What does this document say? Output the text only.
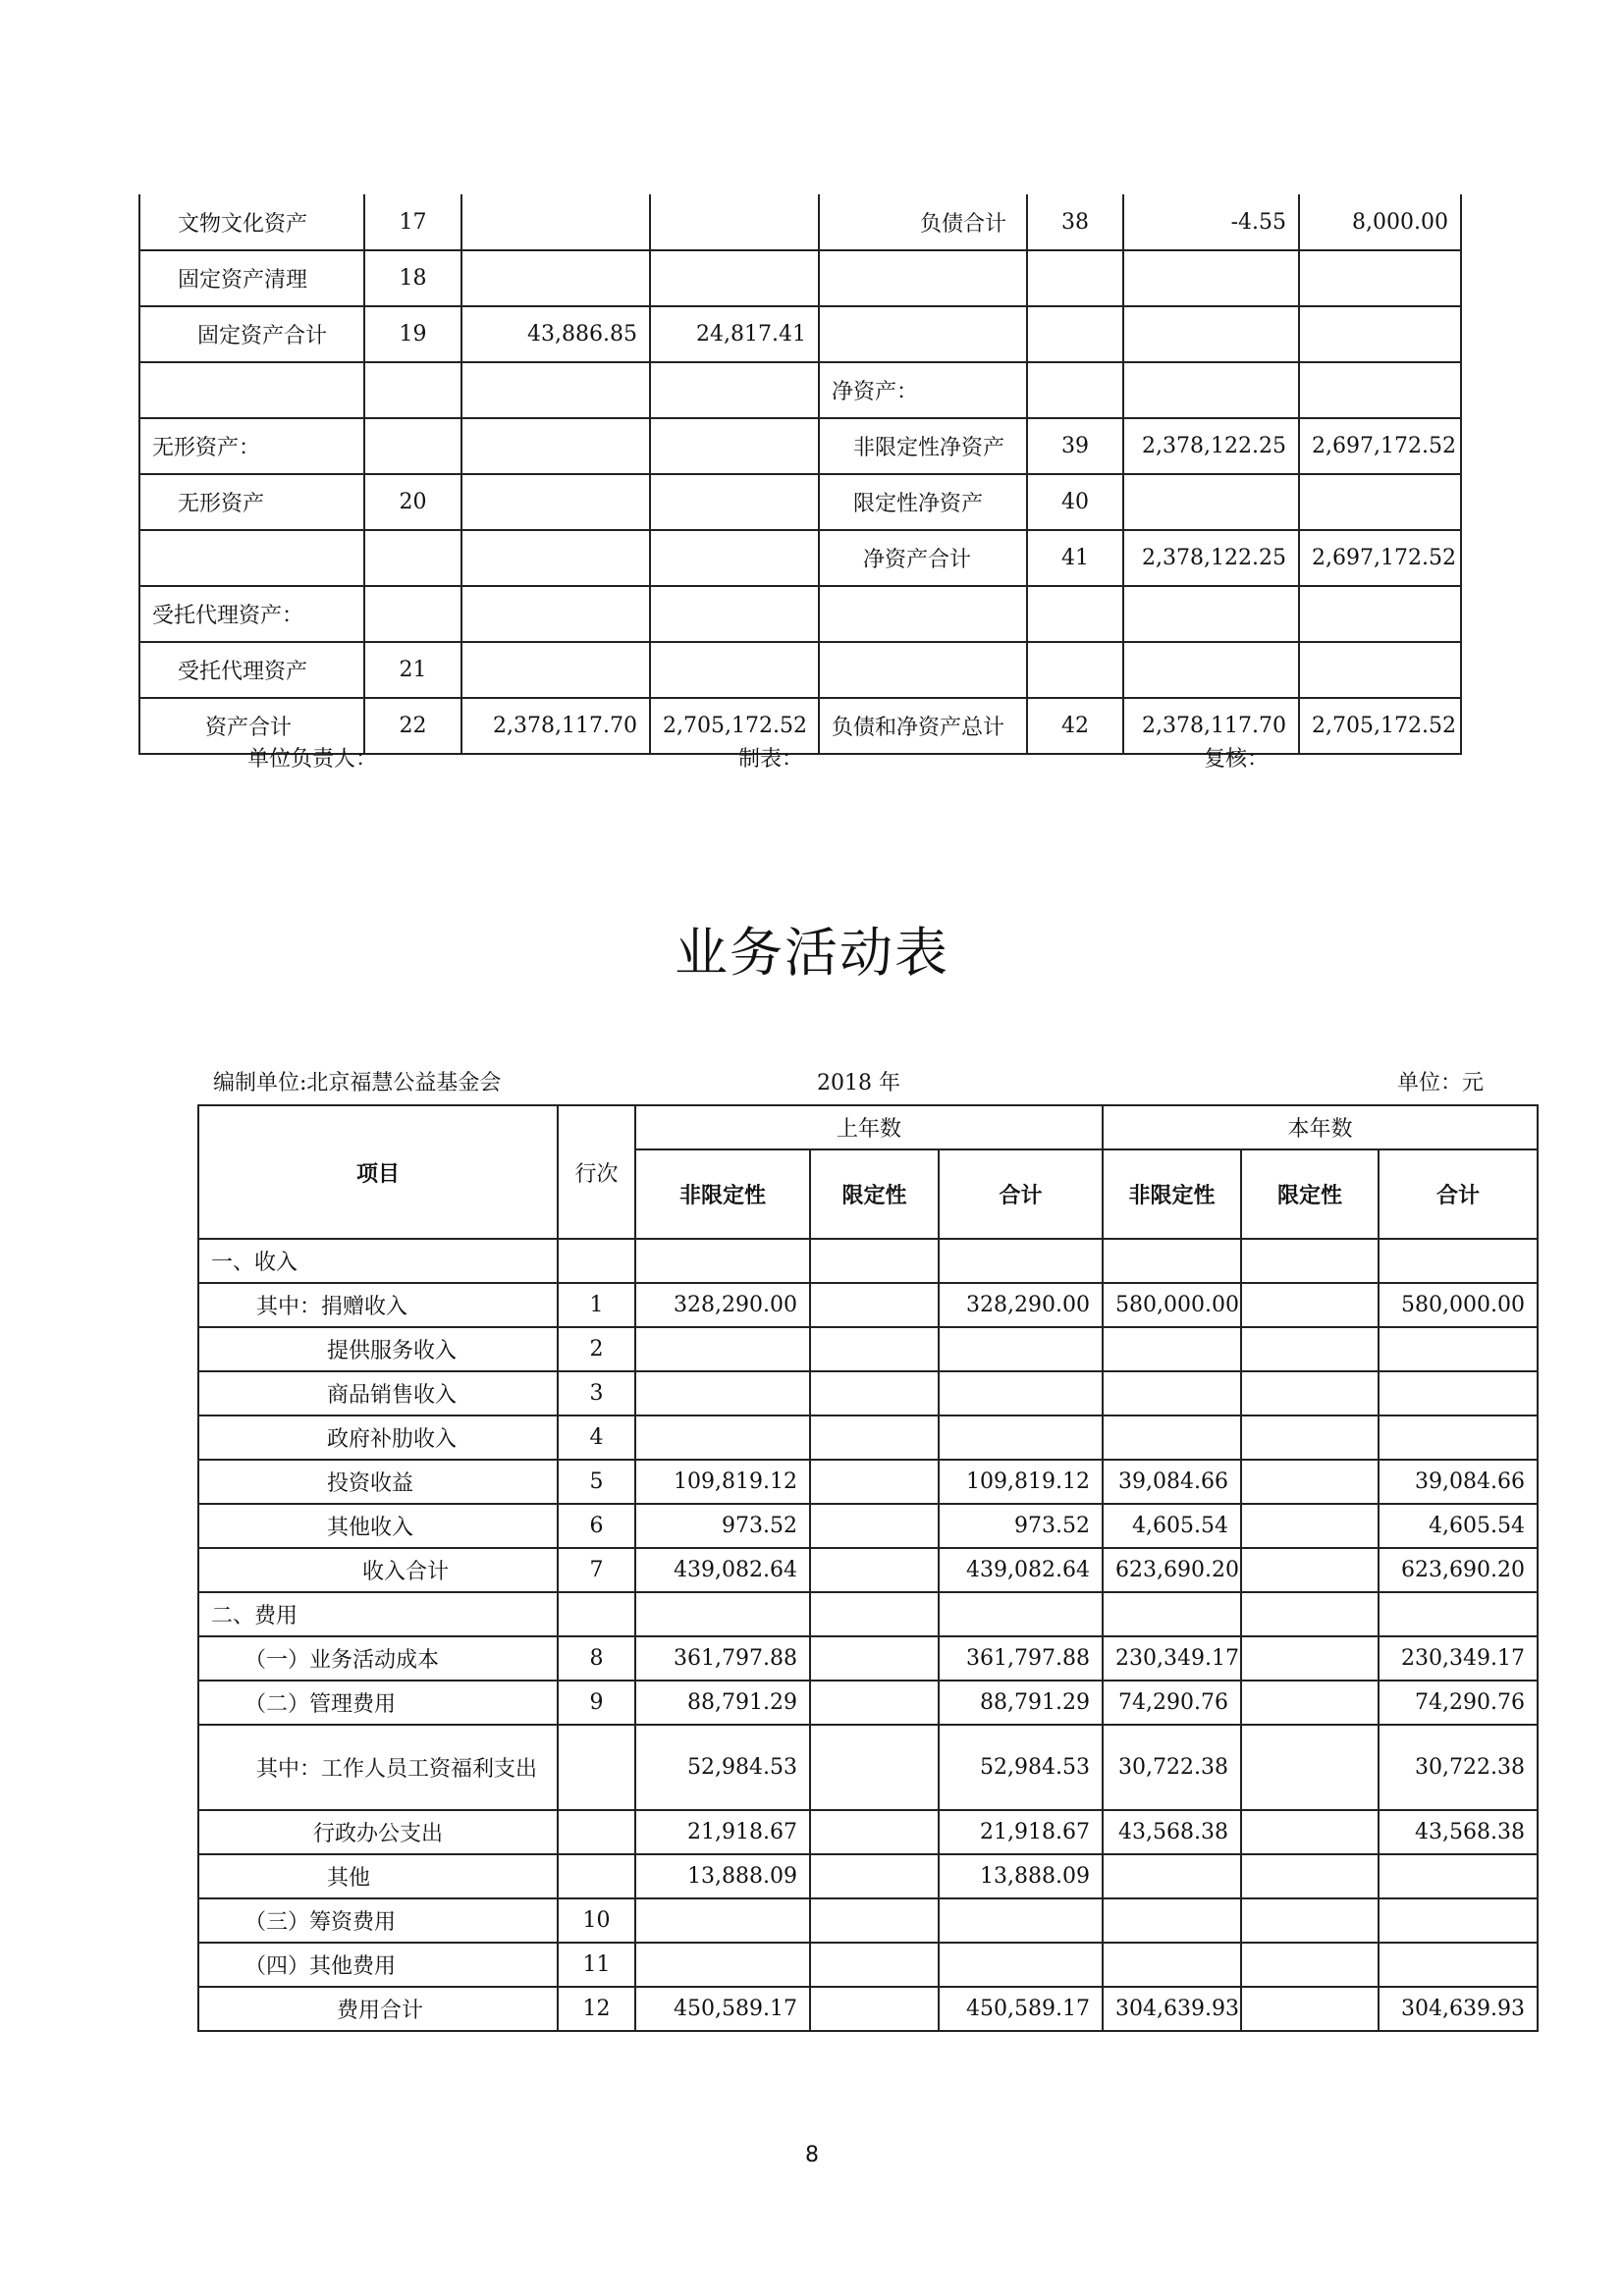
文物文化资产	17			负债合计	38	-4.55	8,000.00
固定资产清理	18						
固定资产合计	19	43,886.85	24,817.41				
				净资产：			
无形资产：				非限定性净资产	39	2,378,122.25	2,697,172.52
无形资产	20			限定性净资产	40		
				净资产合计	41	2,378,122.25	2,697,172.52
受托代理资产：							
受托代理资产	21						
资产合计	22	2,378,117.70	2,705,172.52	负债和净资产总计	42	2,378,117.70	2,705,172.52
单位负责人：	制表：	复核：
业务活动表
编制单位:北京福慧公益基金会	2018 年	单位：元
项目	行次	上年数			本年数		
		非限定性	限定性	合计	非限定性	限定性	合计
一、收入							
其中：捐赠收入	1	328,290.00		328,290.00	580,000.00		580,000.00
提供服务收入	2						
商品销售收入	3						
政府补肋收入	4						
投资收益	5	109,819.12		109,819.12	39,084.66		39,084.66
其他收入	6	973.52		973.52	4,605.54		4,605.54
收入合计	7	439,082.64		439,082.64	623,690.20		623,690.20
二、费用							
（一）业务活动成本	8	361,797.88		361,797.88	230,349.17		230,349.17
（二）管理费用	9	88,791.29		88,791.29	74,290.76		74,290.76
其中：工作人员工资福利支出		52,984.53		52,984.53	30,722.38		30,722.38
行政办公支出		21,918.67		21,918.67	43,568.38		43,568.38
其他		13,888.09		13,888.09			
（三）筹资费用	10						
（四）其他费用	11						
费用合计	12	450,589.17		450,589.17	304,639.93		304,639.93
8
